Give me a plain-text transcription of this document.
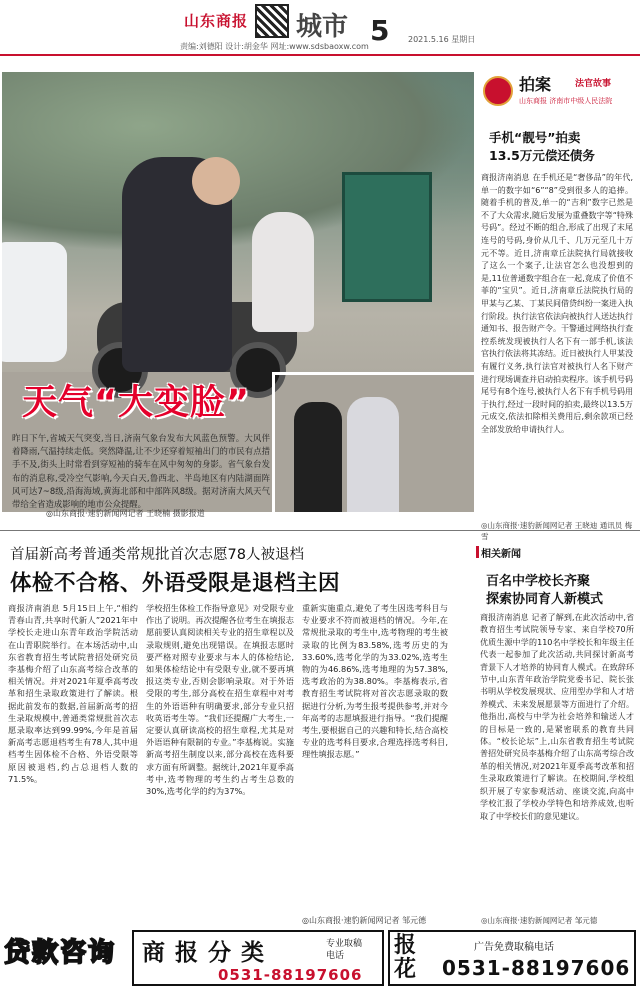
山东商报 城市 5 2021.5.16 星期日
责编:刘德阳 设计:胡金华 网址:www.sdsbaoxw.com
天气“大变脸”
昨日下午,省城天气突变,当日,济南气象台发布大风蓝色预警。大风伴着降雨,气温持续走低。突然降温,让不少还穿着短袖出门的市民有点措手不及,街头上时常看到穿短袖的骑车在风中匆匆的身影。省气象台发布的消息称,受冷空气影响,今天白天,鲁西北、半岛地区有内陆湖面阵风可达7~8级,沿海海域,黄海北部和中部阵风8级。据对济南大风天气带给全省造成影响的地市公众提醒。
◎山东商报·速豹新闻网记者 王晓楠 摄影报道
拍案	法官故事
山东商报 济南市中级人民法院
手机“靓号”拍卖
13.5万元偿还债务
商报济南消息 在手机还是“奢侈品”的年代,单一的数字如“6”“8”受到很多人的追捧。随着手机的普及,单一的“吉利”数字已然是不了大众需求,随后发展为重叠数字等“特殊号码”。经过不断的组合,形成了出现了末尾连号的号码,身价从几千、几万元至几十万元不等。近日,济南章丘法院执行局就接收了这么一个案子,让法官怎么也没想到的是,11位普通数字组合在一起,竟成了价值不菲的“宝贝”。近日,济南章丘法院执行局的甲某与乙某、丁某民间借贷纠纷一案进入执行阶段。执行法官依法向被执行人送达执行通知书、报告财产令。干警通过网络执行查控系统发现被执行人名下有一部手机,该法官执行依法将其冻结。近日被执行人甲某没有履行义务,执行法官对被执行人名下财产进行现场调查并启动拍卖程序。该手机号码尾号有8个连号,被执行人名下有手机号码用于执行,经过一段时间的拍卖,最终以13.5万元成交,依法扣除相关费用后,剩余款项已经全部发放给申请执行人。
◎山东商报·速豹新闻网记者 王晓迪 通讯员 梅雪
首届新高考普通类常规批首次志愿78人被退档
体检不合格、外语受限是退档主因
商报济南消息 5月15日上午,“相约青春山青,共享时代新人”2021年中学校长走进山东青年政治学院活动在山青职院举行。在本场活动中,山东省教育招生考试院普招处研究员李基梅介绍了山东高考综合改革的相关情况。并对2021年夏季高考改革和招生录取政策进行了解读。根据此前发布的数据,首届新高考的招生录取规模中,普通类常规批首次志愿录取率达到99.99%,今年是首届新高考志愿退档考生有78人,其中退档考生因体检不合格、外语受限等原因被退档,约占总退档人数的71.5%。
学校招生体检工作指导意见》对受限专业作出了说明。再次提醒各位考生在填报志愿前要认真阅读相关专业的招生章程以及录取规则,避免出现错误。在填报志愿时要严格对照专业要求与本人的体检结论,如果体检结论中有受限专业,就不要再填报这类专业,否则会影响录取。对于外语受限的考生,部分高校在招生章程中对考生的外语语种有明确要求,部分专业只招收英语考生等。“我们还提醒广大考生,一定要认真研读高校的招生章程,尤其是对外语语种有限制的专业。”李基梅说。实施新高考招生制度以来,部分高校在选科要求方面有所调整。据统计,2021年夏季高考中,选考物理的考生约占考生总数的30%,选考化学的约为37%。
重新实施重点,避免了考生因选考科目与专业要求不符而被退档的情况。今年,在常规批录取的考生中,选考物理的考生被录取的比例为83.58%,选考历史的为33.60%,选考化学的为33.02%,选考生物的为46.86%,选考地理的为57.38%,选考政治的为38.80%。李基梅表示,省教育招生考试院将对首次志愿录取的数据进行分析,为考生报考提供参考,并对今年高考的志愿填报进行指导。“我们提醒考生,要根据自己的兴趣和特长,结合高校专业的选考科目要求,合理选择选考科目,理性填报志愿。”
◎山东商报·速豹新闻网记者 邹元德
相关新闻
百名中学校长齐聚
探索协同育人新模式
商报济南消息 记者了解到,在此次活动中,省教育招生考试院领导专家、来自学校70所优质生源中学的110名中学校长和年级主任代表一起参加了此次活动,共同探讨新高考背景下人才培养的协同育人模式。在致辞环节中,山东青年政治学院党委书记、院长张书明从学校发展现状、应用型办学和人才培养模式、未来发展愿景等方面进行了介绍。他指出,高校与中学为社会培养和输送人才的目标是一致的,是紧密联系的教育共同体。“校长论坛”上,山东省教育招生考试院普招处研究员李基梅介绍了山东高考综合改革的相关情况,对2021年夏季高考改革和招生录取政策进行了解读。在校期间,学校组织开展了专家参观活动、座谈交流,向高中学校汇报了学校办学特色和培养成效,也听取了中学校长们的意见建议。
◎山东商报·速豹新闻网记者 邹元德
贷款咨询	商报分类	专业取稿
电话
0531-88197606
报花
广告免费取稿电话
0531-88197606
